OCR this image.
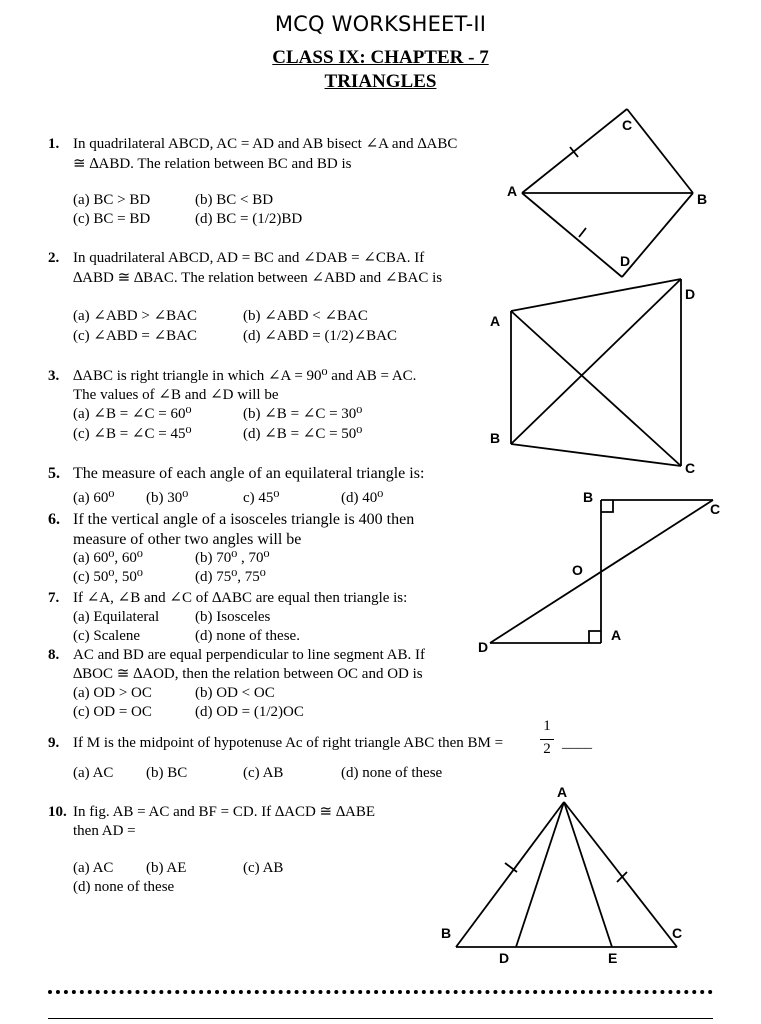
MCQ WORKSHEET-II
CLASS IX: CHAPTER - 7
TRIANGLES
1. In quadrilateral ABCD, AC = AD and AB bisect ∠A and ∆ABC
≅ ∆ABD. The relation between BC and BD is
(a) BC > BD	(b) BC < BD
(c) BC = BD	(d) BC = (1/2)BD
2. In quadrilateral ABCD, AD = BC and ∠DAB = ∠CBA. If
∆ABD ≅ ∆BAC. The relation between ∠ABD and ∠BAC is
(a) ∠ABD > ∠BAC	(b) ∠ABD < ∠BAC
(c) ∠ABD = ∠BAC	(d) ∠ABD = (1/2)∠BAC
3. ∆ABC is right triangle in which ∠A = 90⁰ and AB = AC.
The values of ∠B and ∠D will be
(a) ∠B = ∠C = 60⁰	(b) ∠B = ∠C = 30⁰
(c) ∠B = ∠C = 45⁰	(d) ∠B = ∠C = 50⁰
5. The measure of each angle of an equilateral triangle is:
(a) 60⁰ (b) 30⁰	c) 45⁰	(d) 40⁰
6. If the vertical angle of a isosceles triangle is 400 then
measure of other two angles will be
(a) 60⁰, 60⁰	(b) 70⁰ , 70⁰
(c) 50⁰, 50⁰	(d) 75⁰, 75⁰
7. If ∠A, ∠B and ∠C of ∆ABC are equal then triangle is:
(a) Equilateral (b) Isosceles
(c) Scalene	(d) none of these.
8. AC and BD are equal perpendicular to line segment AB. If
∆BOC ≅ ∆AOD, then the relation between OC and OD is
(a) OD > OC	(b) OD < OC
(c) OD = OC	(d) OD = (1/2)OC
9. If M is the midpoint of hypotenuse Ac of right triangle ABC then BM =
1
2 ____
(a) AC (b) BC	(c) AB	(d) none of these
10. In fig. AB = AC and BF = CD. If ∆ACD ≅ ∆ABE
then AD =
(a) AC (b) AE	(c) AB
(d) none of these
C
A	B
D
D
A
B
C
B
C
O
A
D
A
B	C
D	E
